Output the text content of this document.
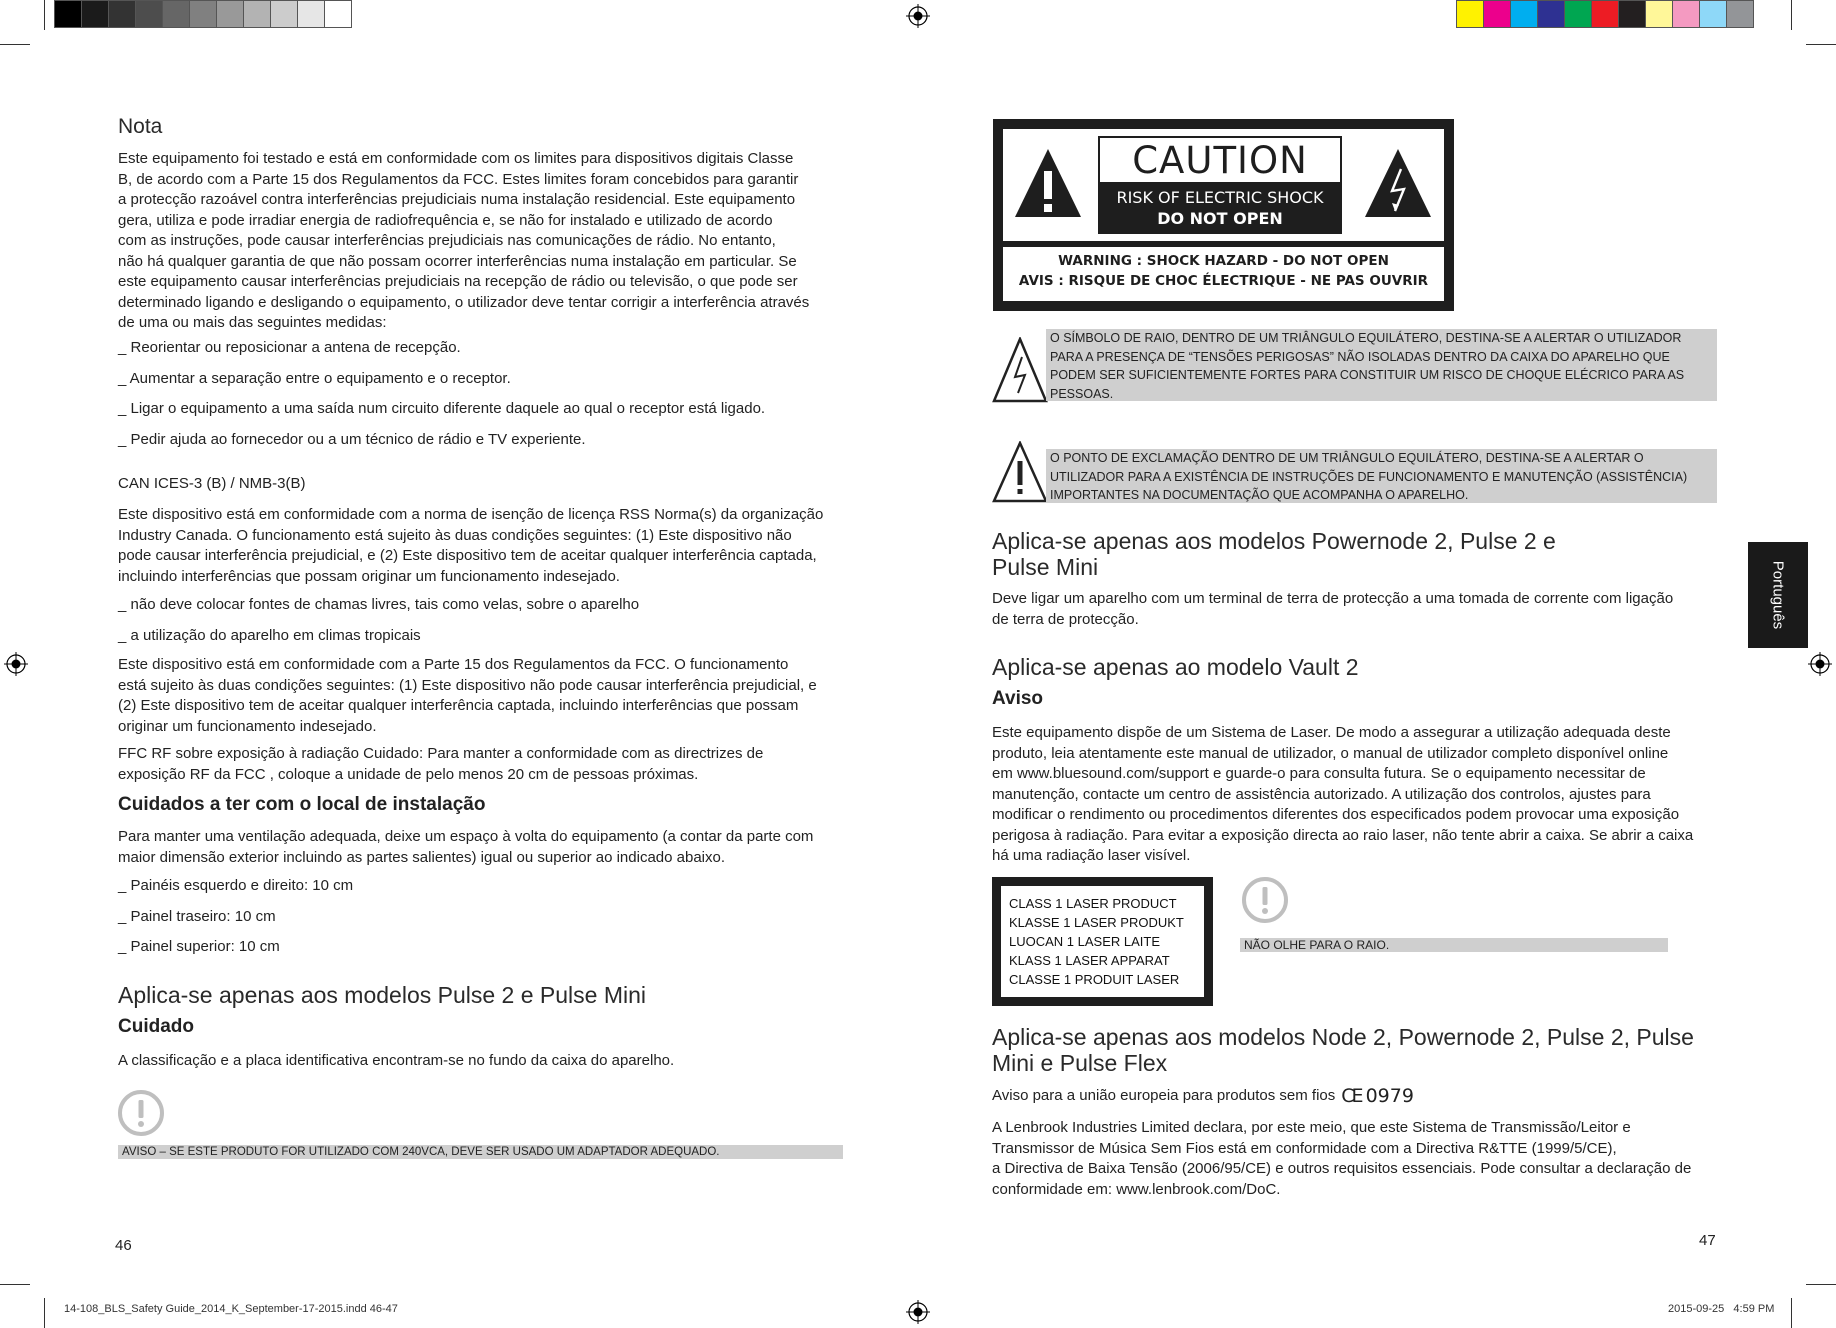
14-108_BLS_Safety Guide_2014_K_September-17-2015.indd 46-47	2015-09-25   4:59 PM
Nota
Este equipamento foi testado e está em conformidade com os limites para dispositivos digitais Classe
B, de acordo com a Parte 15 dos Regulamentos da FCC. Estes limites foram concebidos para garantir
a protecção razoável contra interferências prejudiciais numa instalação residencial. Este equipamento
gera, utiliza e pode irradiar energia de radiofrequência e, se não for instalado e utilizado de acordo
com as instruções, pode causar interferências prejudiciais nas comunicações de rádio. No entanto,
não há qualquer garantia de que não possam ocorrer interferências numa instalação em particular. Se
este equipamento causar interferências prejudiciais na recepção de rádio ou televisão, o que pode ser
determinado ligando e desligando o equipamento, o utilizador deve tentar corrigir a interferência através
de uma ou mais das seguintes medidas:
_ Reorientar ou reposicionar a antena de recepção.
_ Aumentar a separação entre o equipamento e o receptor.
_ Ligar o equipamento a uma saída num circuito diferente daquele ao qual o receptor está ligado.
_ Pedir ajuda ao fornecedor ou a um técnico de rádio e TV experiente.
CAN ICES-3 (B) / NMB-3(B)
Este dispositivo está em conformidade com a norma de isenção de licença RSS Norma(s) da organização
Industry Canada. O funcionamento está sujeito às duas condições seguintes: (1) Este dispositivo não
pode causar interferência prejudicial, e (2) Este dispositivo tem de aceitar qualquer interferência captada,
incluindo interferências que possam originar um funcionamento indesejado.
_ não deve colocar fontes de chamas livres, tais como velas, sobre o aparelho
_ a utilização do aparelho em climas tropicais
Este dispositivo está em conformidade com a Parte 15 dos Regulamentos da FCC. O funcionamento
está sujeito às duas condições seguintes: (1) Este dispositivo não pode causar interferência prejudicial, e
(2) Este dispositivo tem de aceitar qualquer interferência captada, incluindo interferências que possam
originar um funcionamento indesejado.
FFC RF sobre exposição à radiação Cuidado: Para manter a conformidade com as directrizes de
exposição RF da FCC , coloque a unidade de pelo menos 20 cm de pessoas próximas.
Cuidados a ter com o local de instalação
Para manter uma ventilação adequada, deixe um espaço à volta do equipamento (a contar da parte com
maior dimensão exterior incluindo as partes salientes) igual ou superior ao indicado abaixo.
_ Painéis esquerdo e direito: 10 cm
_ Painel traseiro: 10 cm
_ Painel superior: 10 cm
Aplica-se apenas aos modelos Pulse 2 e Pulse Mini
Cuidado
A classificação e a placa identificativa encontram-se no fundo da caixa do aparelho.
AVISO – SE ESTE PRODUTO FOR UTILIZADO COM 240VCA, DEVE SER USADO UM ADAPTADOR ADEQUADO.
46
CAUTION
RISK OF ELECTRIC SHOCK
DO NOT OPEN
WARNING : SHOCK HAZARD - DO NOT OPEN
AVIS : RISQUE DE CHOC ÉLECTRIQUE - NE PAS OUVRIR
O SÍMBOLO DE RAIO, DENTRO DE UM TRIÂNGULO EQUILÁTERO, DESTINA-SE A ALERTAR O UTILIZADOR
PARA A PRESENÇA DE “TENSÕES PERIGOSAS” NÃO ISOLADAS DENTRO DA CAIXA DO APARELHO QUE
PODEM SER SUFICIENTEMENTE FORTES PARA CONSTITUIR UM RISCO DE CHOQUE ELÉCRICO PARA AS
PESSOAS.
O PONTO DE EXCLAMAÇÃO DENTRO DE UM TRIÂNGULO EQUILÁTERO, DESTINA-SE A ALERTAR O
UTILIZADOR PARA A EXISTÊNCIA DE INSTRUÇÕES DE FUNCIONAMENTO E MANUTENÇÃO (ASSISTÊNCIA)
IMPORTANTES NA DOCUMENTAÇÃO QUE ACOMPANHA O APARELHO.
Aplica-se apenas aos modelos Powernode 2, Pulse 2 e
Pulse Mini
Deve ligar um aparelho com um terminal de terra de protecção a uma tomada de corrente com ligação
de terra de protecção.
Aplica-se apenas ao modelo Vault 2
Aviso
Este equipamento dispõe de um Sistema de Laser. De modo a assegurar a utilização adequada deste
produto, leia atentamente este manual de utilizador, o manual de utilizador completo disponível online
em www.bluesound.com/support e guarde-o para consulta futura. Se o equipamento necessitar de
manutenção, contacte um centro de assistência autorizado. A utilização dos controlos, ajustes para
modificar o rendimento ou procedimentos diferentes dos especificados podem provocar uma exposição
perigosa à radiação. Para evitar a exposição directa ao raio laser, não tente abrir a caixa. Se abrir a caixa
há uma radiação laser visível.
CLASS 1 LASER PRODUCT
KLASSE 1 LASER PRODUKT
LUOCAN 1 LASER LAITE
KLASS 1 LASER APPARAT
CLASSE 1 PRODUIT LASER
NÃO OLHE PARA O RAIO.
Aplica-se apenas aos modelos Node 2, Powernode 2, Pulse 2, Pulse
Mini e Pulse Flex
Aviso para a união europeia para produtos sem fios CE 0979
A Lenbrook Industries Limited declara, por este meio, que este Sistema de Transmissão/Leitor e
Transmissor de Música Sem Fios está em conformidade com a Directiva R&TTE (1999/5/CE),
a Directiva de Baixa Tensão (2006/95/CE) e outros requisitos essenciais. Pode consultar a declaração de
conformidade em: www.lenbrook.com/DoC.
47
Português
